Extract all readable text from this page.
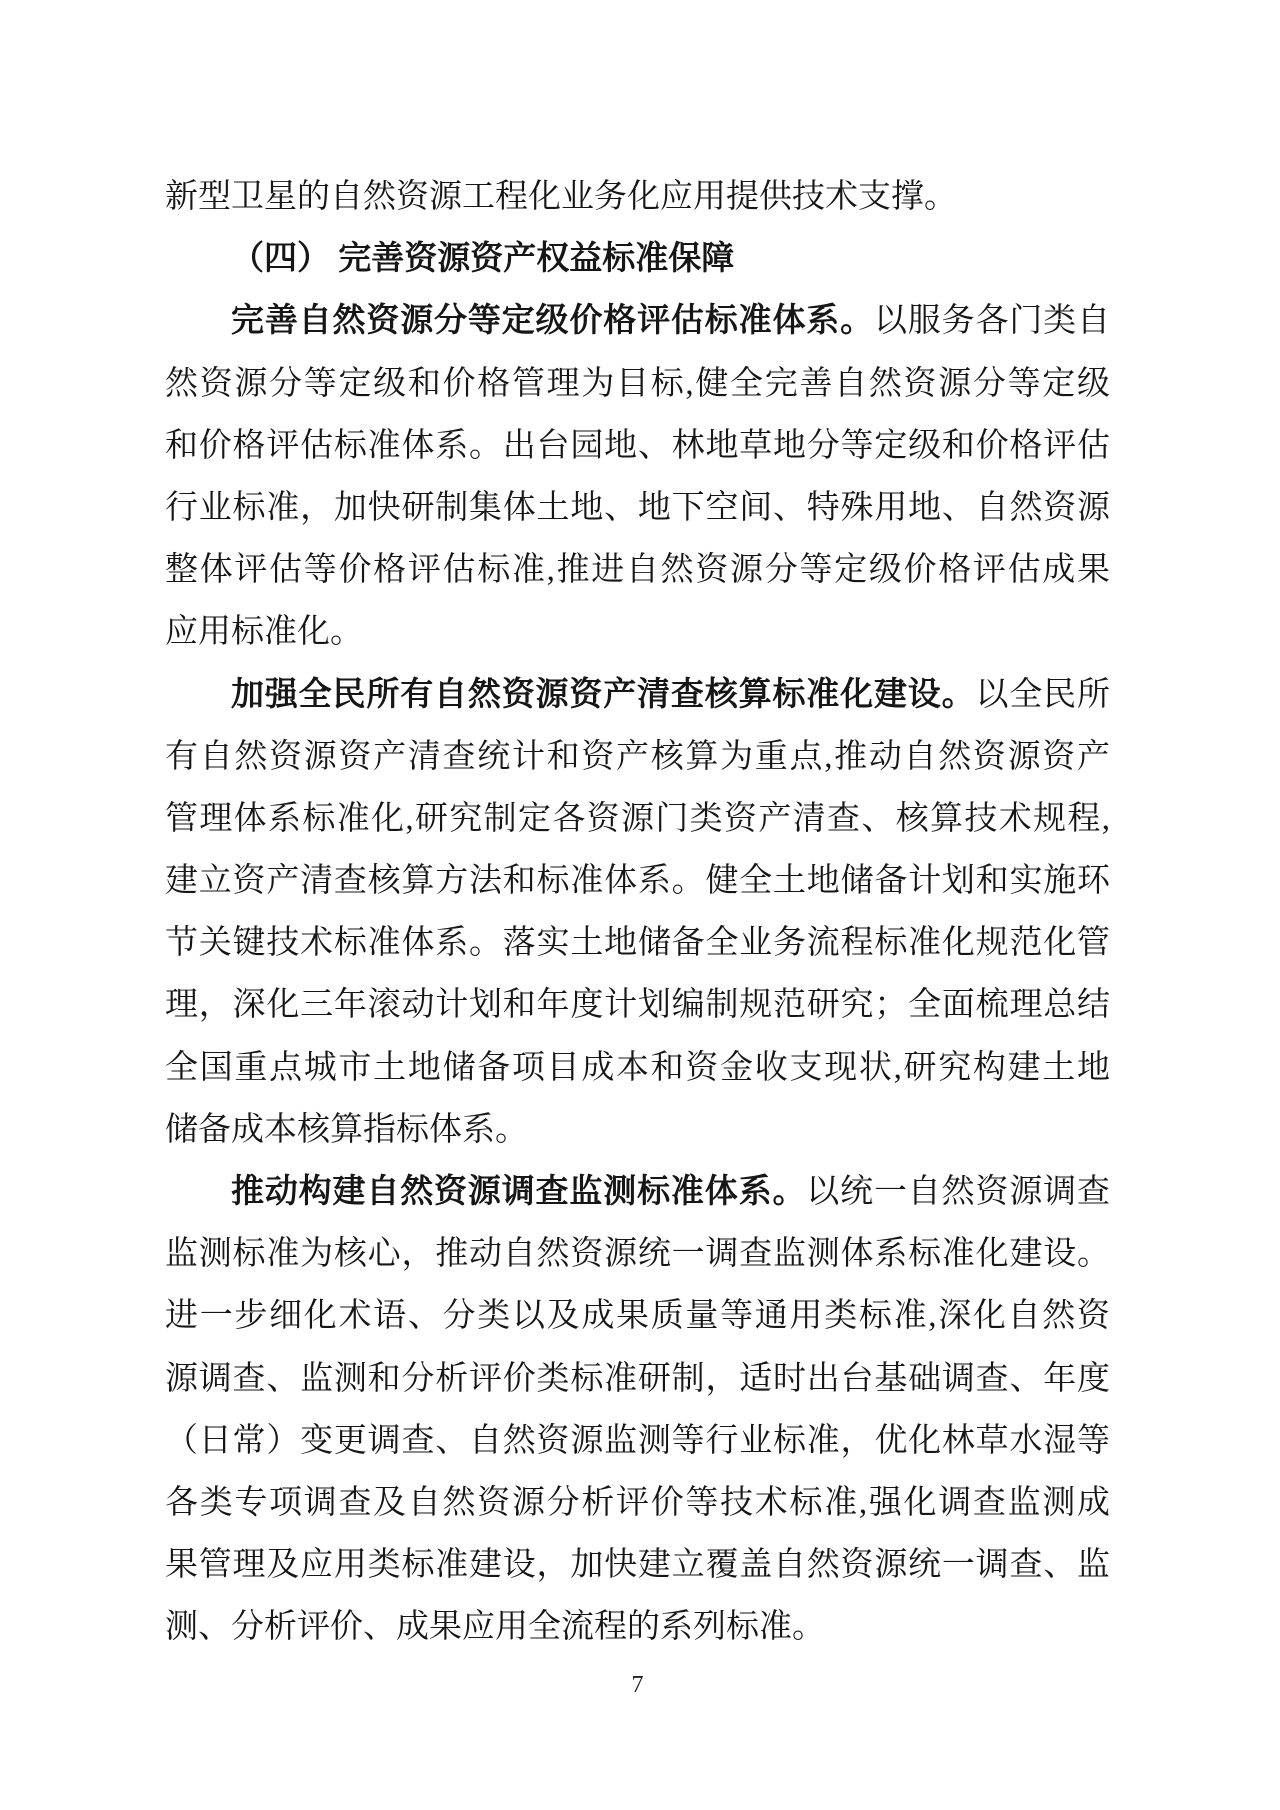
新型卫星的自然资源工程化业务化应用提供技术支撑。
（四） 完善资源资产权益标准保障
完善自然资源分等定级价格评估标准体系。以服务各门类自
然资源分等定级和价格管理为目标,健全完善自然资源分等定级
和价格评估标准体系。出台园地、林地草地分等定级和价格评估
行业标准，加快研制集体土地、地下空间、特殊用地、自然资源
整体评估等价格评估标准,推进自然资源分等定级价格评估成果
应用标准化。
加强全民所有自然资源资产清查核算标准化建设。以全民所
有自然资源资产清查统计和资产核算为重点,推动自然资源资产
管理体系标准化,研究制定各资源门类资产清查、核算技术规程,
建立资产清查核算方法和标准体系。健全土地储备计划和实施环
节关键技术标准体系。落实土地储备全业务流程标准化规范化管
理，深化三年滚动计划和年度计划编制规范研究；全面梳理总结
全国重点城市土地储备项目成本和资金收支现状,研究构建土地
储备成本核算指标体系。
推动构建自然资源调查监测标准体系。以统一自然资源调查
监测标准为核心，推动自然资源统一调查监测体系标准化建设。
进一步细化术语、分类以及成果质量等通用类标准,深化自然资
源调查、监测和分析评价类标准研制，适时出台基础调查、年度
（日常）变更调查、自然资源监测等行业标准，优化林草水湿等
各类专项调查及自然资源分析评价等技术标准,强化调查监测成
果管理及应用类标准建设，加快建立覆盖自然资源统一调查、监
测、分析评价、成果应用全流程的系列标准。
7
